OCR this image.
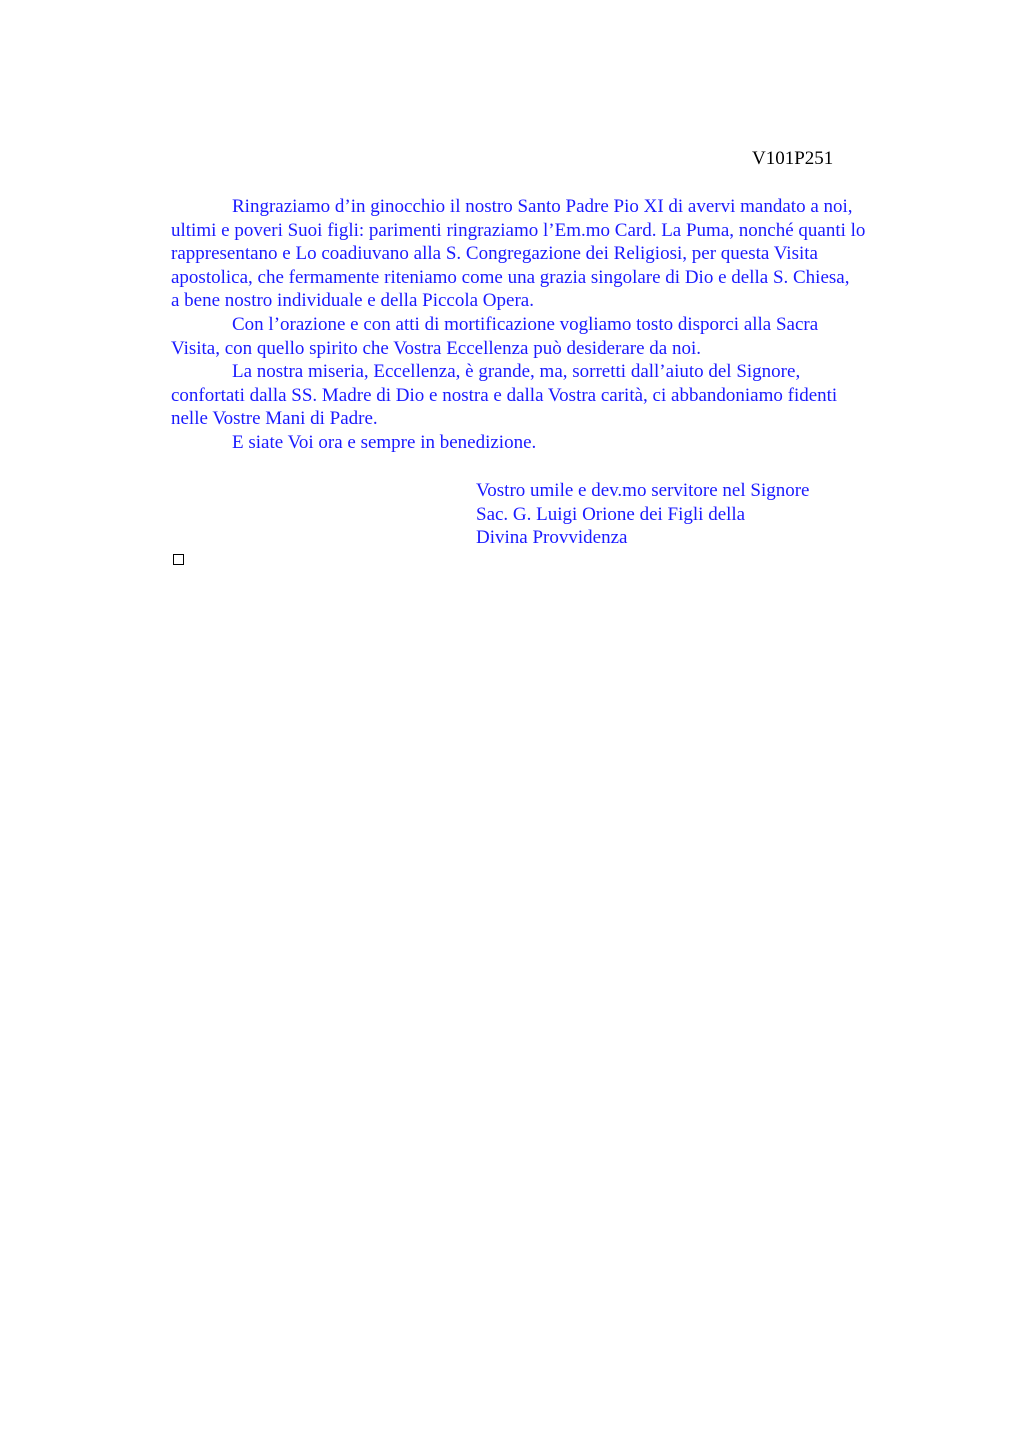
V101P251

Ringraziamo d’in ginocchio il nostro Santo Padre Pio XI di avervi mandato a noi,
ultimi e poveri Suoi figli: parimenti ringraziamo l’Em.mo Card. La Puma, nonché quanti lo
rappresentano e Lo coadiuvano alla S. Congregazione dei Religiosi, per questa Visita
apostolica, che fermamente riteniamo come una grazia singolare di Dio e della S. Chiesa,
a bene nostro individuale e della Piccola Opera.

Con l’orazione e con atti di mortificazione vogliamo tosto disporci alla Sacra
Visita, con quello spirito che Vostra Eccellenza può desiderare da noi.

La nostra miseria, Eccellenza, è grande, ma, sorretti dall’aiuto del Signore,
confortati dalla SS. Madre di Dio e nostra e dalla Vostra carità, ci abbandoniamo fidenti
nelle Vostre Mani di Padre.

E siate Voi ora e sempre in benedizione.

Vostro umile e dev.mo servitore nel Signore
Sac. G. Luigi Orione dei Figli della
Divina Provvidenza
